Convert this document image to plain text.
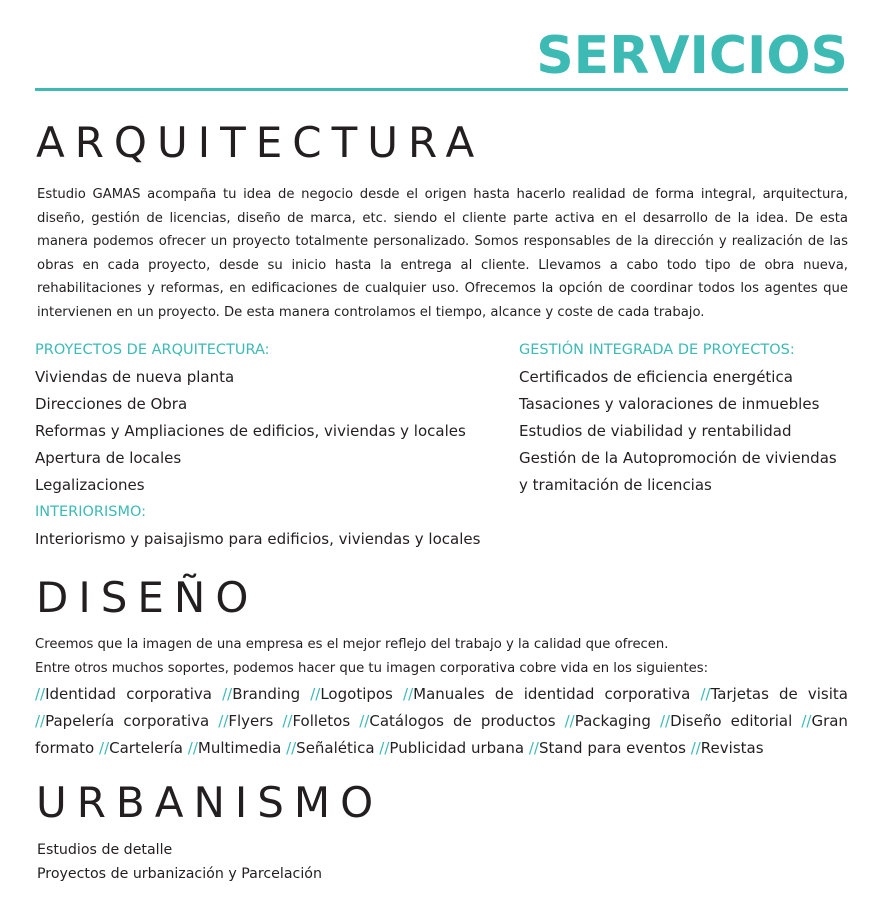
SERVICIOS
ARQUITECTURA

Estudio GAMAS acompaña tu idea de negocio desde el origen hasta hacerlo realidad de forma integral, arquitectura, diseño, gestión de licencias, diseño de marca, etc. siendo el cliente parte activa en el desarrollo de la idea. De esta manera podemos ofrecer un proyecto totalmente personalizado. Somos responsables de la dirección y realización de las obras en cada proyecto, desde su inicio hasta la entrega al cliente. Llevamos a cabo todo tipo de obra nueva, rehabilitaciones y reformas, en edificaciones de cualquier uso. Ofrecemos la opción de coordinar todos los agentes que intervienen en un proyecto. De esta manera controlamos el tiempo, alcance y coste de cada trabajo.

PROYECTOS DE ARQUITECTURA:
Viviendas de nueva planta
Direcciones de Obra
Reformas y Ampliaciones de edificios, viviendas y locales
Apertura de locales
Legalizaciones
INTERIORISMO:
Interiorismo y paisajismo para edificios, viviendas y locales
GESTIÓN INTEGRADA DE PROYECTOS:
Certificados de eficiencia energética
Tasaciones y valoraciones de inmuebles
Estudios de viabilidad y rentabilidad
Gestión de la Autopromoción de viviendas
y tramitación de licencias
DISEÑO
Creemos que la imagen de una empresa es el mejor reflejo del trabajo y la calidad que ofrecen.
Entre otros muchos soportes, podemos hacer que tu imagen corporativa cobre vida en los siguientes:

//Identidad corporativa //Branding //Logotipos //Manuales de identidad corporativa //Tarjetas de visita //Papelería corporativa //Flyers //Folletos //Catálogos de productos //Packaging //Diseño editorial //Gran formato //Cartelería //Multimedia //Señalética //Publicidad urbana //Stand para eventos //Revistas

URBANISMO
Estudios de detalle
Proyectos de urbanización y Parcelación
